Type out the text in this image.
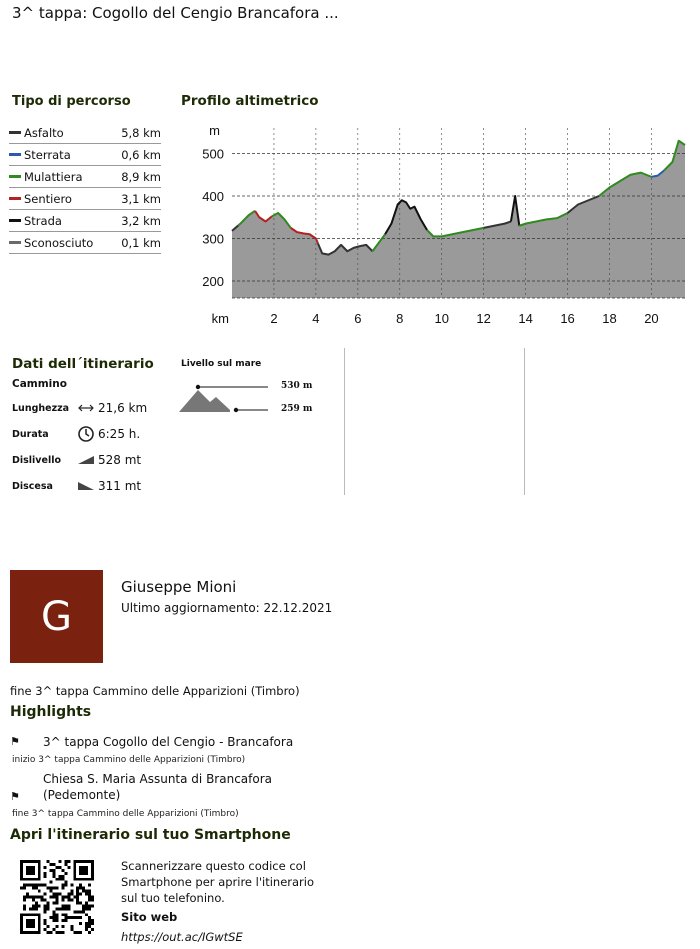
3^ tappa: Cogollo del Cengio Brancafora ...
Tipo di percorso
Asfalto	5,8 km
Sterrata	0,6 km
Mulattiera	8,9 km
Sentiero	3,1 km
Strada	3,2 km
Sconosciuto	0,1 km
Profilo altimetrico
200
300
400
500
m
km	2	4	6	8 10 12 14 16 18 20
Dati dell´itinerario
Cammino
Lunghezza	21,6 km
Durata	6:25 h.
Dislivello	528 mt
Discesa	311 mt
Livello sul mare
530 m
259 m
G
Giuseppe Mioni
Ultimo aggiornamento: 22.12.2021
fine 3^ tappa Cammino delle Apparizioni (Timbro)
Highlights
⚑	3^ tappa Cogollo del Cengio - Brancafora
inizio 3^ tappa Cammino delle Apparizioni (Timbro)
Chiesa S. Maria Assunta di Brancafora
⚑ (Pedemonte)
fine 3^ tappa Cammino delle Apparizioni (Timbro)
Apri l'itinerario sul tuo Smartphone
Scannerizzare questo codice col
Smartphone per aprire l'itinerario
sul tuo telefonino.
Sito web
https://out.ac/IGwtSE
